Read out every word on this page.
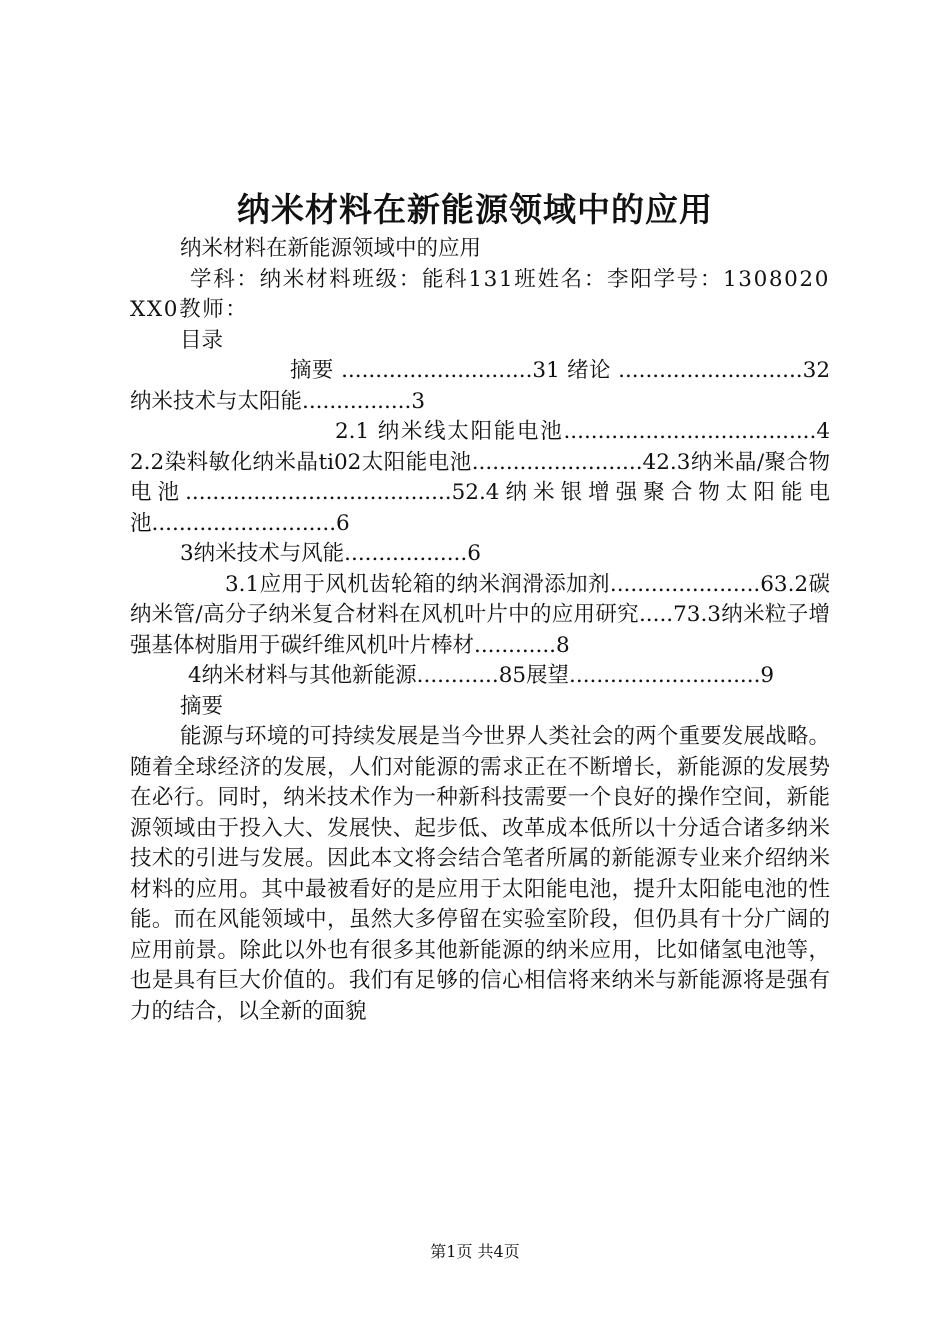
纳米材料在新能源领域中的应用

纳米材料在新能源领域中的应用

学科：纳米材料班级：能科131班姓名：李阳学号：1308020XX0教师：

目录

摘要 ............................31 绪论 ...........................32 纳米技术与太阳能................3

2.1 纳米线太阳能电池.....................................42.2染料敏化纳米晶ti02太阳能电池.........................42.3纳米晶/聚合物电池.......................................52.4纳米银增强聚合物太阳能电池...........................6

3纳米技术与风能..................6

3.1应用于风机齿轮箱的纳米润滑添加剂......................63.2碳纳米管/高分子纳米复合材料在风机叶片中的应用研究.....73.3纳米粒子增强基体树脂用于碳纤维风机叶片棒材............8

4纳米材料与其他新能源............85展望............................9

摘要

能源与环境的可持续发展是当今世界人类社会的两个重要发展战略。随着全球经济的发展，人们对能源的需求正在不断增长，新能源的发展势在必行。同时，纳米技术作为一种新科技需要一个良好的操作空间，新能源领域由于投入大、发展快、起步低、改革成本低所以十分适合诸多纳米技术的引进与发展。因此本文将会结合笔者所属的新能源专业来介绍纳米材料的应用。其中最被看好的是应用于太阳能电池，提升太阳能电池的性能。而在风能领域中，虽然大多停留在实验室阶段，但仍具有十分广阔的应用前景。除此以外也有很多其他新能源的纳米应用，比如储氢电池等，也是具有巨大价值的。我们有足够的信心相信将来纳米与新能源将是强有力的结合，以全新的面貌

第1页 共4页
